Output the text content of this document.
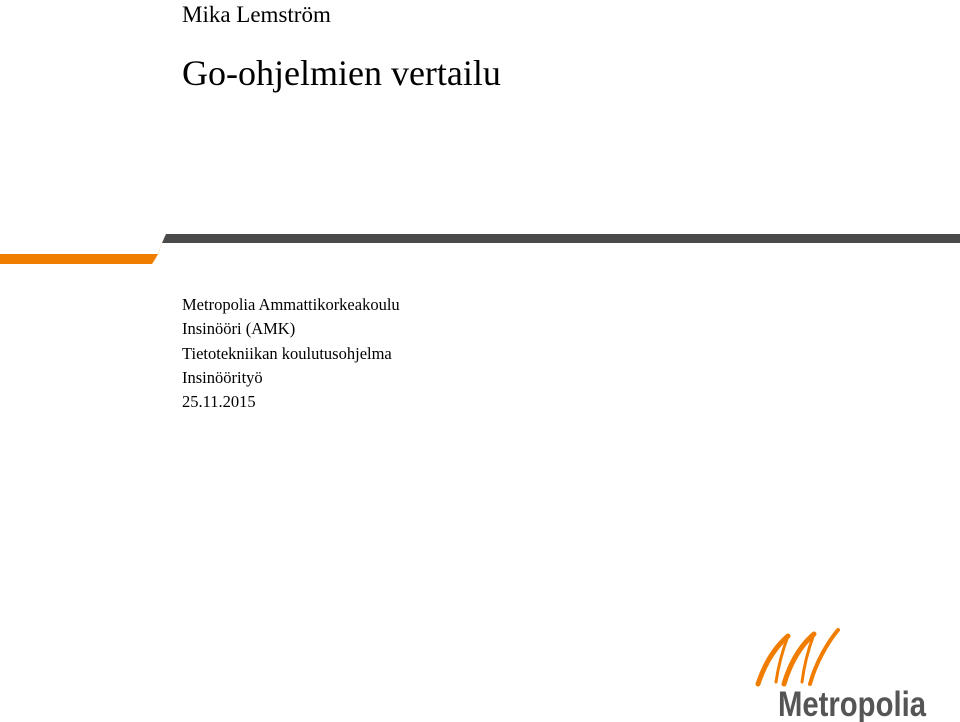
Mika Lemström
Go-ohjelmien vertailu
Metropolia Ammattikorkeakoulu
Insinööri (AMK)
Tietotekniikan koulutusohjelma
Insinöörityö
25.11.2015
Metropolia
